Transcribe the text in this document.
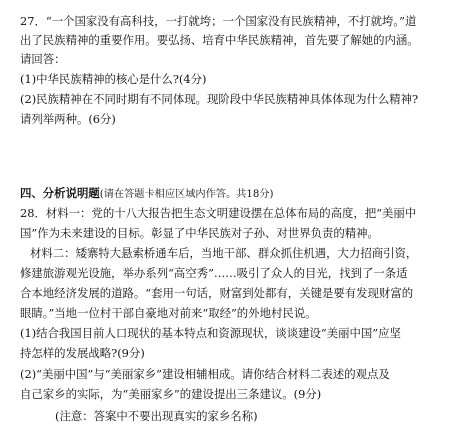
27．“一个国家没有高科技，一打就垮；一个国家没有民族精神，不打就垮。”道
出了民族精神的重要作用。要弘扬、培育中华民族精神，首先要了解她的内涵。
请回答：
(1)中华民族精神的核心是什么?(4分)
(2)民族精神在不同时期有不同体现。现阶段中华民族精神具体体现为什么精神?
请列举两种。(6分)
四、分析说明题(请在答题卡相应区域内作答。共18分)
28．材料一：党的十八大报告把生态文明建设摆在总体布局的高度，把“美丽中
国”作为未来建设的目标。彰显了中华民族对子孙、对世界负责的精神。
材料二：矮寨特大悬索桥通车后，当地干部、群众抓住机遇，大力招商引资，
修建旅游观光设施，举办系列“高空秀”……吸引了众人的目光，找到了一条适
合本地经济发展的道路。“套用一句话，财富到处都有，关键是要有发现财富的
眼睛。”当地一位村干部自豪地对前来“取经”的外地村民说。
(1)结合我国目前人口现状的基本特点和资源现状，谈谈建设“美丽中国”应坚
持怎样的发展战略?(9分)
(2)“美丽中国”与“美丽家乡”建设相辅相成。请你结合材料二表述的观点及
自己家乡的实际，为“美丽家乡”的建设提出三条建议。(9分)
(注意：答案中不要出现真实的家乡名称)
